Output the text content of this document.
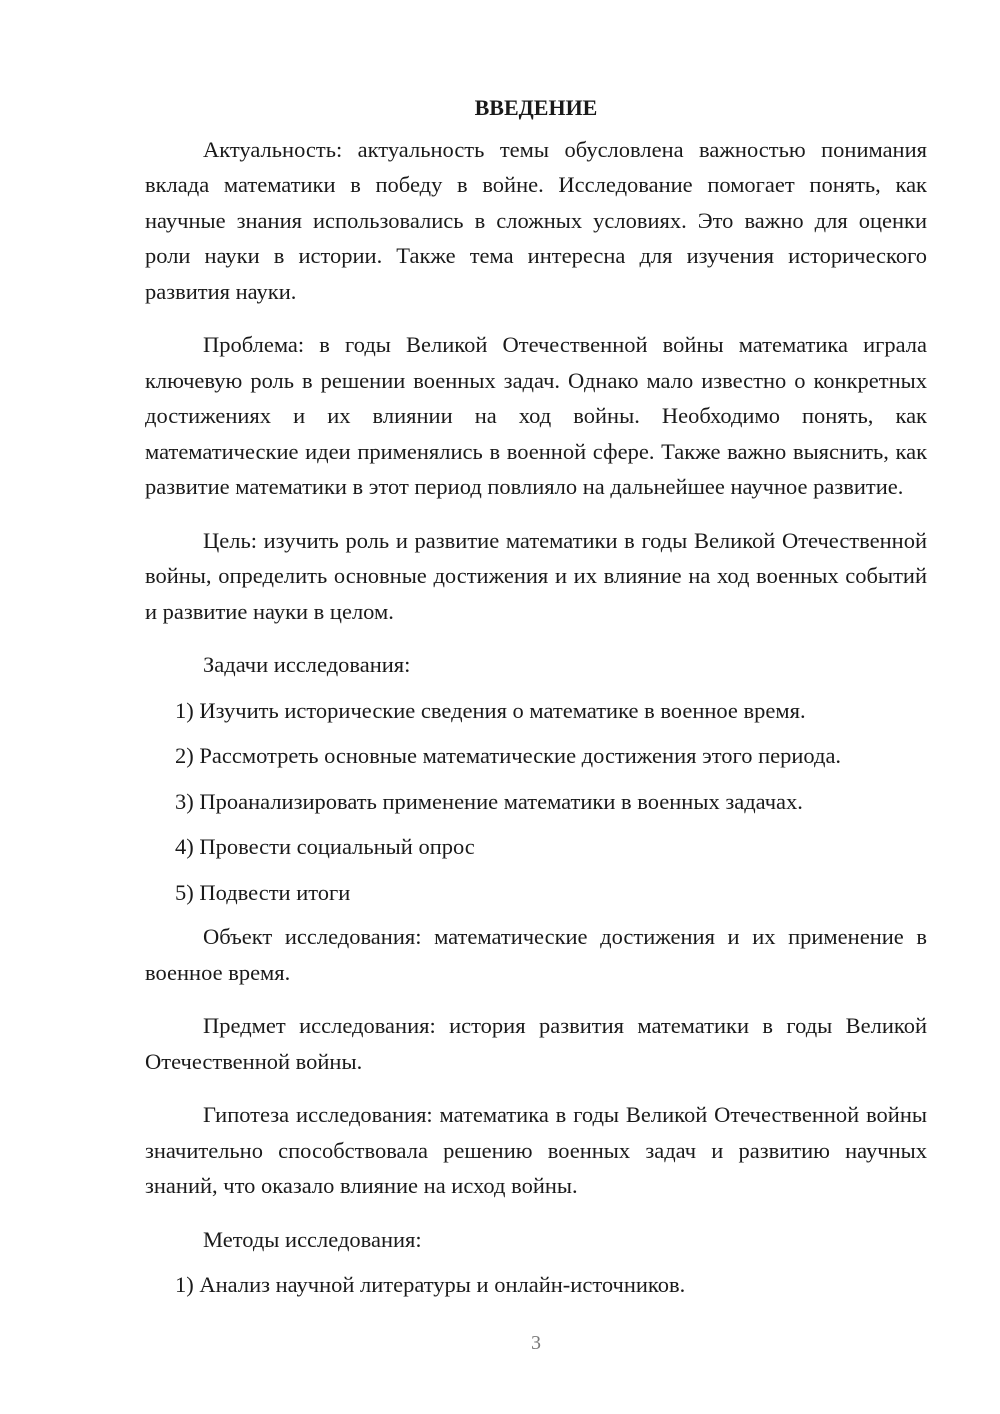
ВВЕДЕНИЕ

Актуальность: актуальность темы обусловлена важностью понимания вклада математики в победу в войне. Исследование помогает понять, как научные знания использовались в сложных условиях. Это важно для оценки роли науки в истории. Также тема интересна для изучения исторического развития науки.

Проблема: в годы Великой Отечественной войны математика играла ключевую роль в решении военных задач. Однако мало известно о конкретных достижениях и их влиянии на ход войны. Необходимо понять, как математические идеи применялись в военной сфере. Также важно выяснить, как развитие математики в этот период повлияло на дальнейшее научное развитие.

Цель: изучить роль и развитие математики в годы Великой Отечественной войны, определить основные достижения и их влияние на ход военных событий и развитие науки в целом.

Задачи исследования:

1) Изучить исторические сведения о математике в военное время.
2) Рассмотреть основные математические достижения этого периода.
3) Проанализировать применение математики в военных задачах.
4) Провести социальный опрос
5) Подвести итоги

Объект исследования: математические достижения и их применение в военное время.

Предмет исследования: история развития математики в годы Великой Отечественной войны.

Гипотеза исследования: математика в годы Великой Отечественной войны значительно способствовала решению военных задач и развитию научных знаний, что оказало влияние на исход войны.

Методы исследования:

1) Анализ научной литературы и онлайн-источников.
3
